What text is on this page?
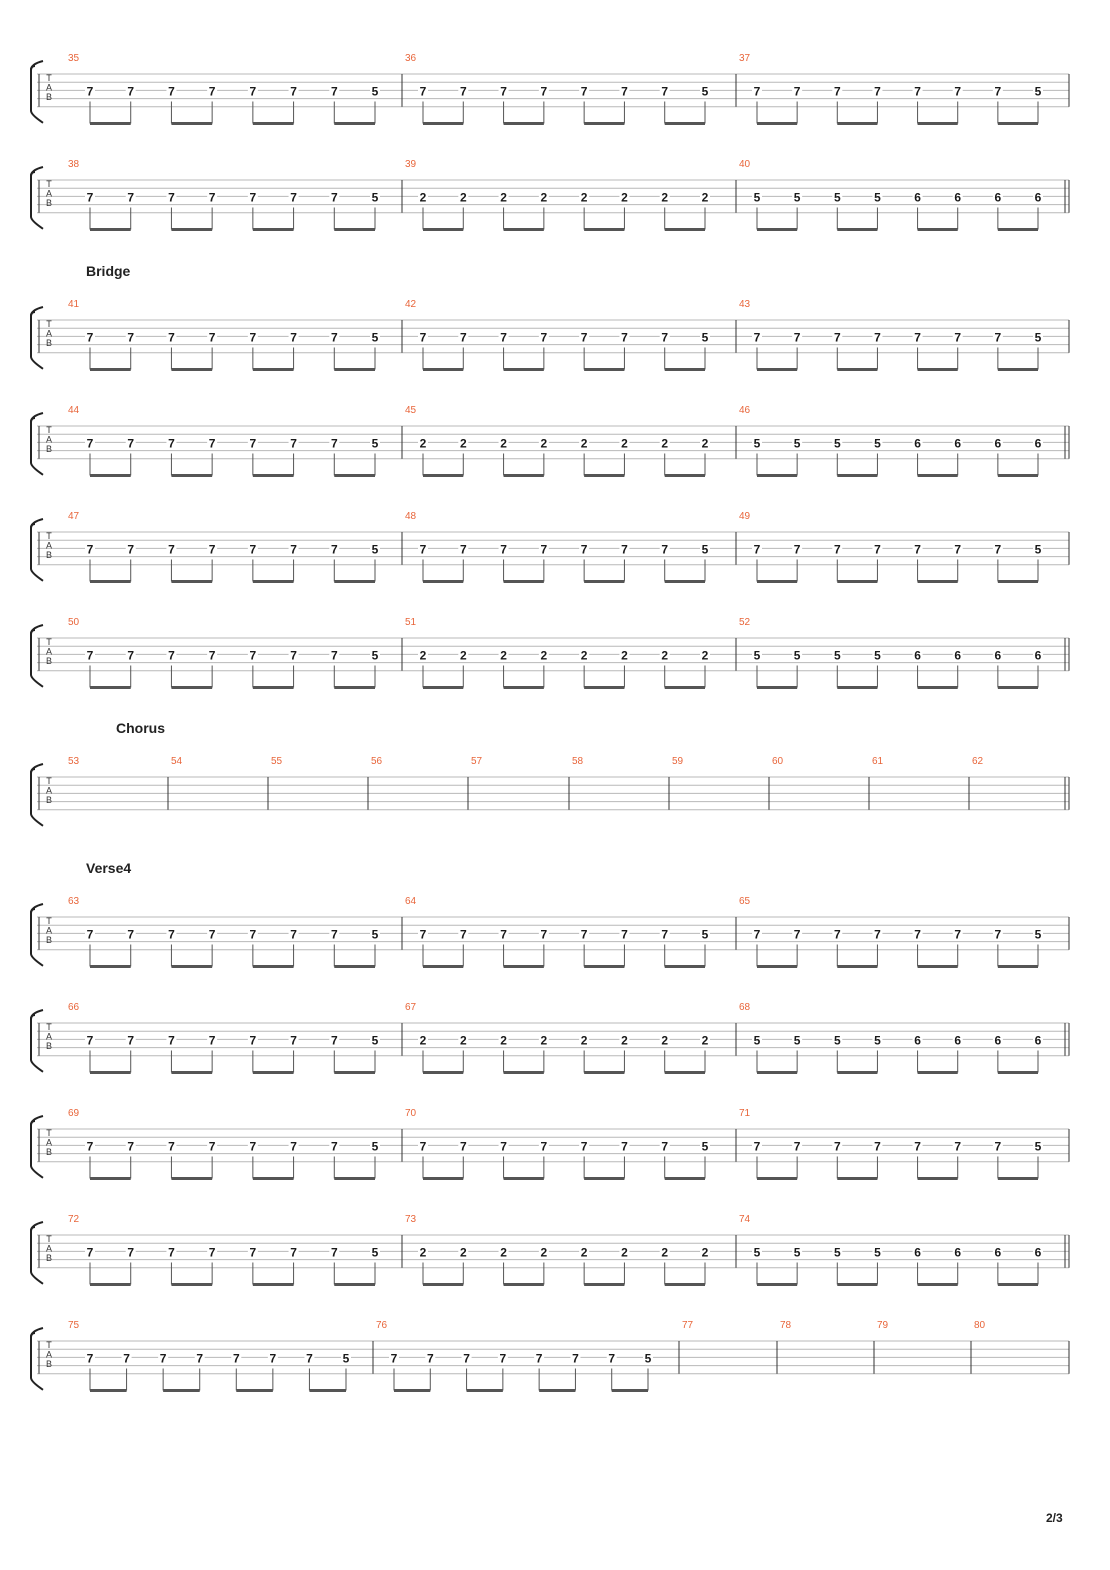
T
A
B
35
7	7	7	7	7	7	7	5
36
7	7	7	7	7	7	7	5
37
7	7	7	7	7	7	7	5
T
A
B
38
7	7	7	7	7	7	7	5
39
2	2	2	2	2	2	2	2
40
5	5	5	5	6	6	6	6
Bridge
T
A
B
41
7	7	7	7	7	7	7	5
42
7	7	7	7	7	7	7	5
43
7	7	7	7	7	7	7	5
T
A
B
44
7	7	7	7	7	7	7	5
45
2	2	2	2	2	2	2	2
46
5	5	5	5	6	6	6	6
T
A
B
47
7	7	7	7	7	7	7	5
48
7	7	7	7	7	7	7	5
49
7	7	7	7	7	7	7	5
T
A
B
50
7	7	7	7	7	7	7	5
51
2	2	2	2	2	2	2	2
52
5	5	5	5	6	6	6	6
Chorus
T
A
B
53	54	55	56	57	58	59	60	61	62
Verse4
T
A
B
63
7	7	7	7	7	7	7	5
64
7	7	7	7	7	7	7	5
65
7	7	7	7	7	7	7	5
T
A
B
66
7	7	7	7	7	7	7	5
67
2	2	2	2	2	2	2	2
68
5	5	5	5	6	6	6	6
T
A
B
69
7	7	7	7	7	7	7	5
70
7	7	7	7	7	7	7	5
71
7	7	7	7	7	7	7	5
T
A
B
72
7	7	7	7	7	7	7	5
73
2	2	2	2	2	2	2	2
74
5	5	5	5	6	6	6	6
T
A
B
75
7 7 7 7 7 7 7 5
76
7 7 7 7 7 7 7 5
77	78	79	80
2/3
